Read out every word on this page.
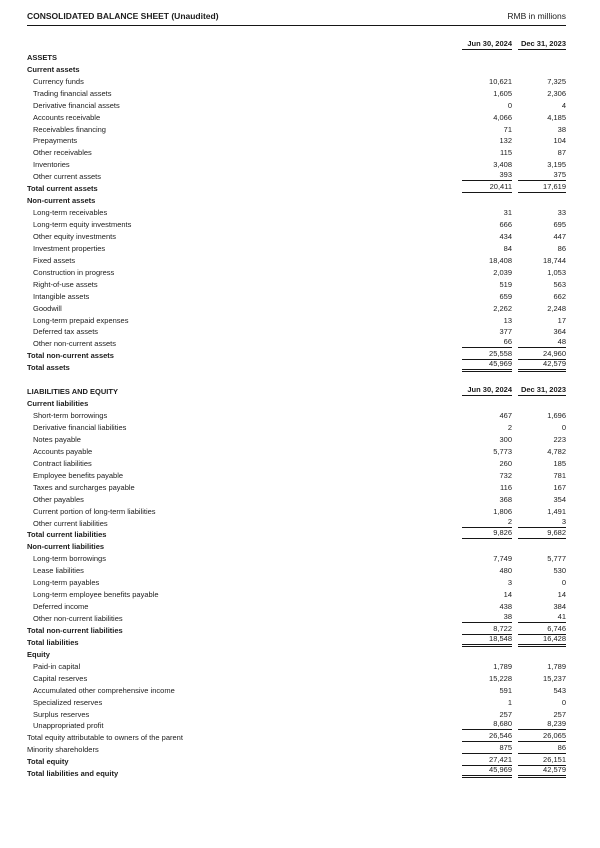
CONSOLIDATED BALANCE SHEET (Unaudited)	RMB in millions
Jun 30, 2024	Dec 31, 2023
ASSETS
Current assets
Currency funds	10,621	7,325
Trading financial assets	1,605	2,306
Derivative financial assets	0	4
Accounts receivable	4,066	4,185
Receivables financing	71	38
Prepayments	132	104
Other receivables	115	87
Inventories	3,408	3,195
Other current assets	393	375
Total current assets	20,411	17,619
Non-current assets
Long-term receivables	31	33
Long-term equity investments	666	695
Other equity investments	434	447
Investment properties	84	86
Fixed assets	18,408	18,744
Construction in progress	2,039	1,053
Right-of-use assets	519	563
Intangible assets	659	662
Goodwill	2,262	2,248
Long-term prepaid expenses	13	17
Deferred tax assets	377	364
Other non-current assets	66	48
Total non-current assets	25,558	24,960
Total assets	45,969	42,579
LIABILITIES AND EQUITY	Jun 30, 2024	Dec 31, 2023
Current liabilities
Short-term borrowings	467	1,696
Derivative financial liabilities	2	0
Notes payable	300	223
Accounts payable	5,773	4,782
Contract liabilities	260	185
Employee benefits payable	732	781
Taxes and surcharges payable	116	167
Other payables	368	354
Current portion of long-term liabilities	1,806	1,491
Other current liabilities	2	3
Total current liabilities	9,826	9,682
Non-current liabilities
Long-term borrowings	7,749	5,777
Lease liabilities	480	530
Long-term payables	3	0
Long-term employee benefits payable	14	14
Deferred income	438	384
Other non-current liabilities	38	41
Total non-current liabilities	8,722	6,746
Total liabilities	18,548	16,428
Equity
Paid-in capital	1,789	1,789
Capital reserves	15,228	15,237
Accumulated other comprehensive income	591	543
Specialized reserves	1	0
Surplus reserves	257	257
Unappropriated profit	8,680	8,239
Total equity attributable to owners of the parent	26,546	26,065
Minority shareholders	875	86
Total equity	27,421	26,151
Total liabilities and equity	45,969	42,579
